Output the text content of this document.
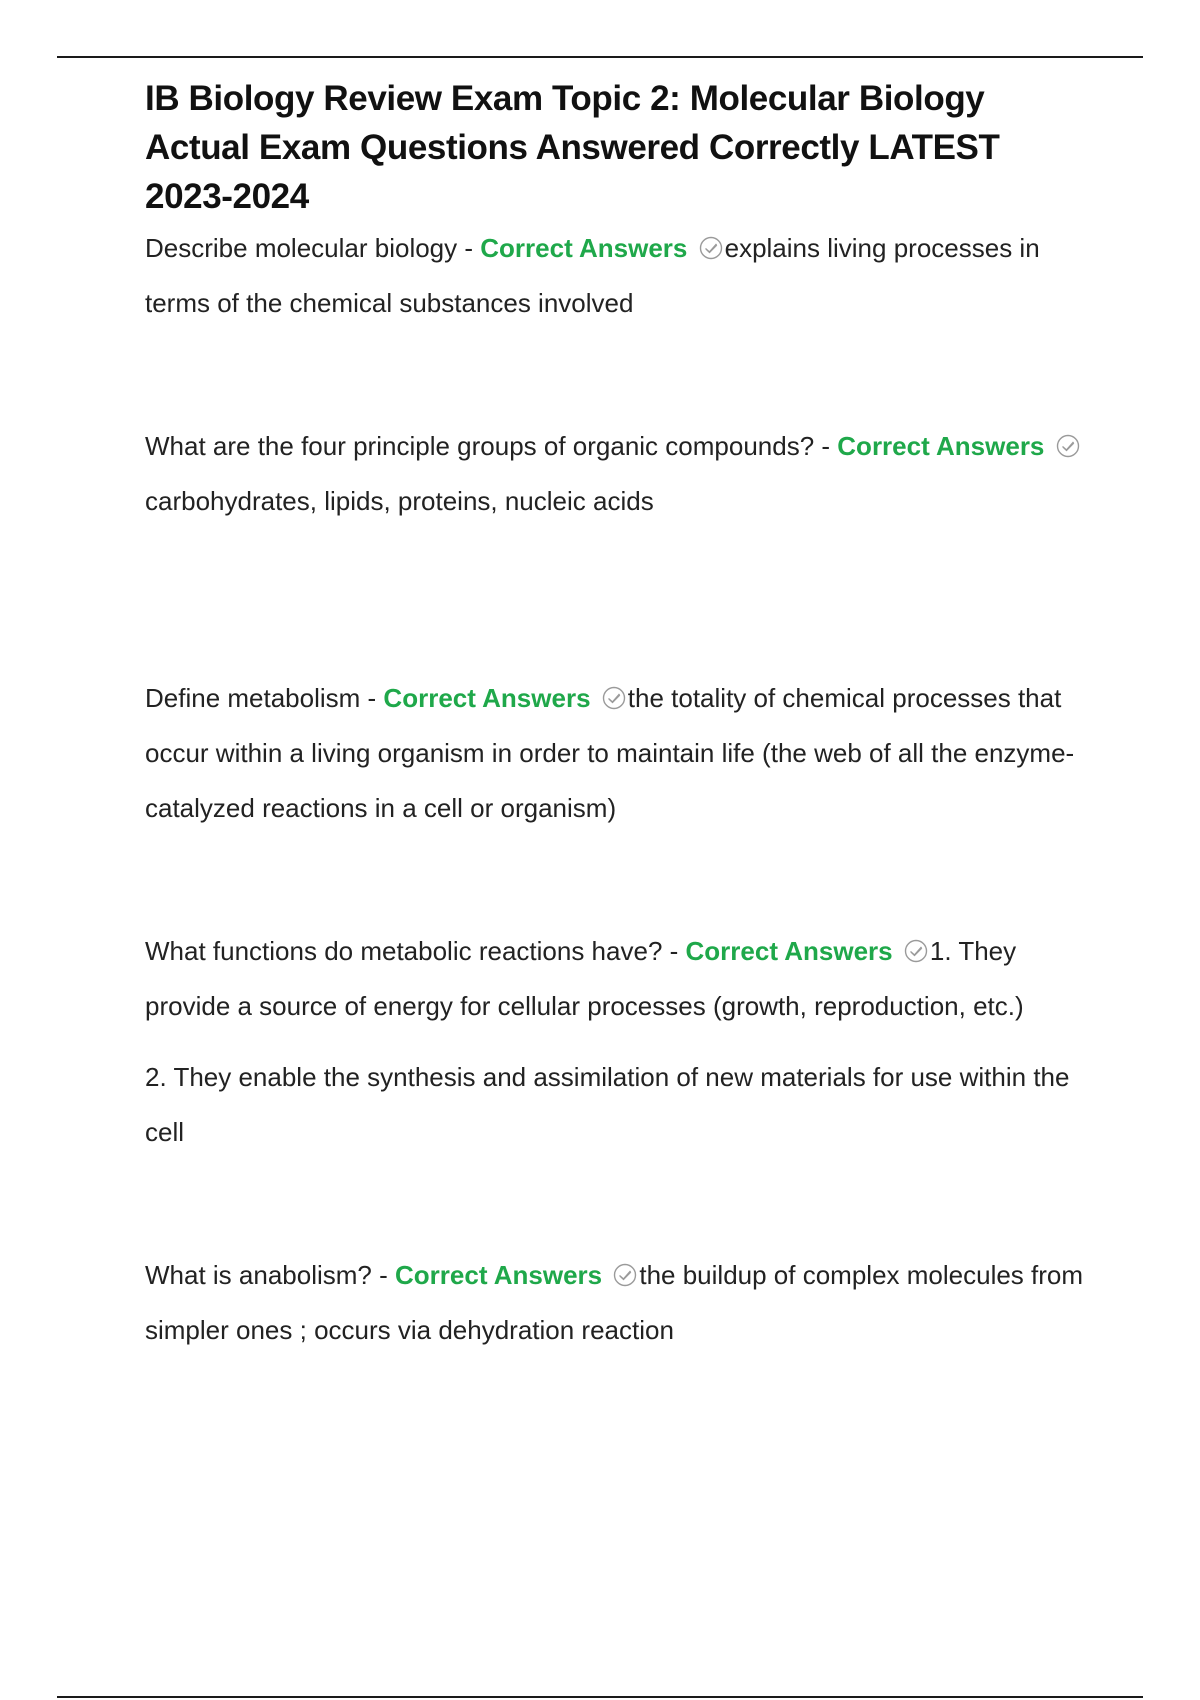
IB Biology Review Exam Topic 2: Molecular Biology Actual Exam Questions Answered Correctly LATEST 2023-2024

Describe molecular biology - Correct Answers explains living processes in terms of the chemical substances involved

What are the four principle groups of organic compounds? - Correct Answers
carbohydrates, lipids, proteins, nucleic acids

Define metabolism - Correct Answers the totality of chemical processes that occur within a living organism in order to maintain life (the web of all the enzyme-catalyzed reactions in a cell or organism)

What functions do metabolic reactions have? - Correct Answers 1. They provide a source of energy for cellular processes (growth, reproduction, etc.)

2. They enable the synthesis and assimilation of new materials for use within the cell

What is anabolism? - Correct Answers the buildup of complex molecules from simpler ones ; occurs via dehydration reaction
